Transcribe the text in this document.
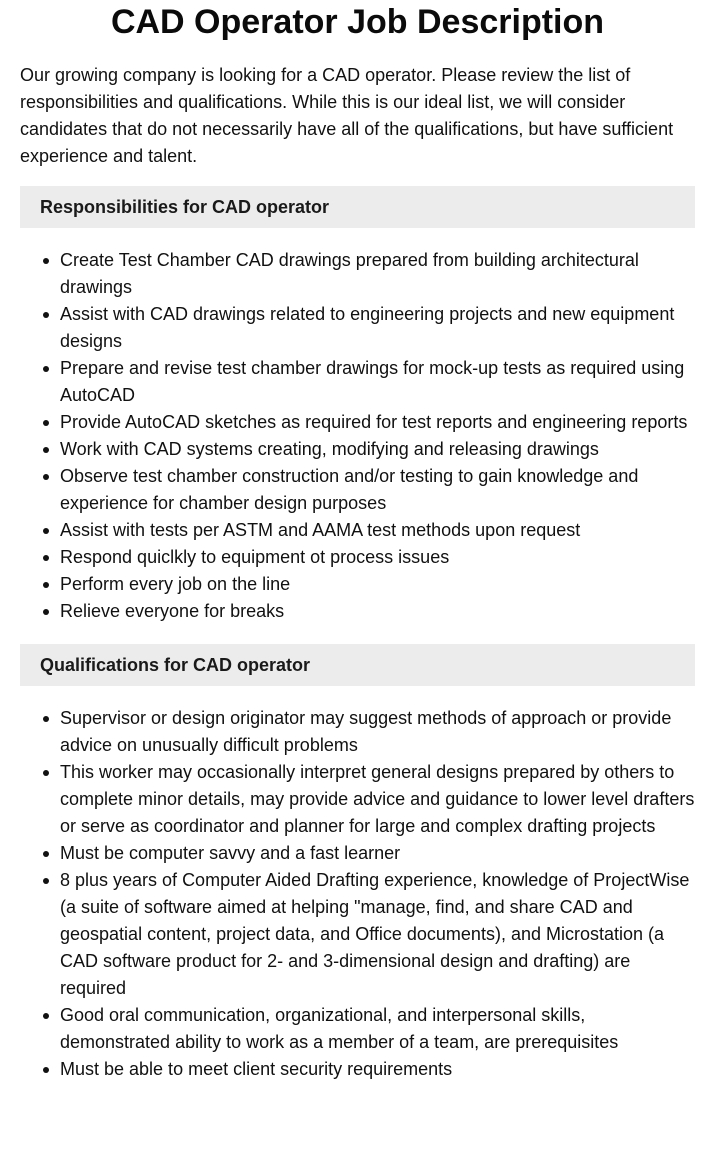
CAD Operator Job Description

Our growing company is looking for a CAD operator. Please review the list of responsibilities and qualifications. While this is our ideal list, we will consider candidates that do not necessarily have all of the qualifications, but have sufficient experience and talent.

Responsibilities for CAD operator
Create Test Chamber CAD drawings prepared from building architectural drawings
Assist with CAD drawings related to engineering projects and new equipment designs
Prepare and revise test chamber drawings for mock-up tests as required using AutoCAD
Provide AutoCAD sketches as required for test reports and engineering reports
Work with CAD systems creating, modifying and releasing drawings
Observe test chamber construction and/or testing to gain knowledge and experience for chamber design purposes
Assist with tests per ASTM and AAMA test methods upon request
Respond quiclkly to equipment ot process issues
Perform every job on the line
Relieve everyone for breaks
Qualifications for CAD operator
Supervisor or design originator may suggest methods of approach or provide advice on unusually difficult problems
This worker may occasionally interpret general designs prepared by others to complete minor details, may provide advice and guidance to lower level drafters or serve as coordinator and planner for large and complex drafting projects
Must be computer savvy and a fast learner
8 plus years of Computer Aided Drafting experience, knowledge of ProjectWise (a suite of software aimed at helping "manage, find, and share CAD and geospatial content, project data, and Office documents), and Microstation (a CAD software product for 2- and 3-dimensional design and drafting) are required
Good oral communication, organizational, and interpersonal skills, demonstrated ability to work as a member of a team, are prerequisites
Must be able to meet client security requirements
